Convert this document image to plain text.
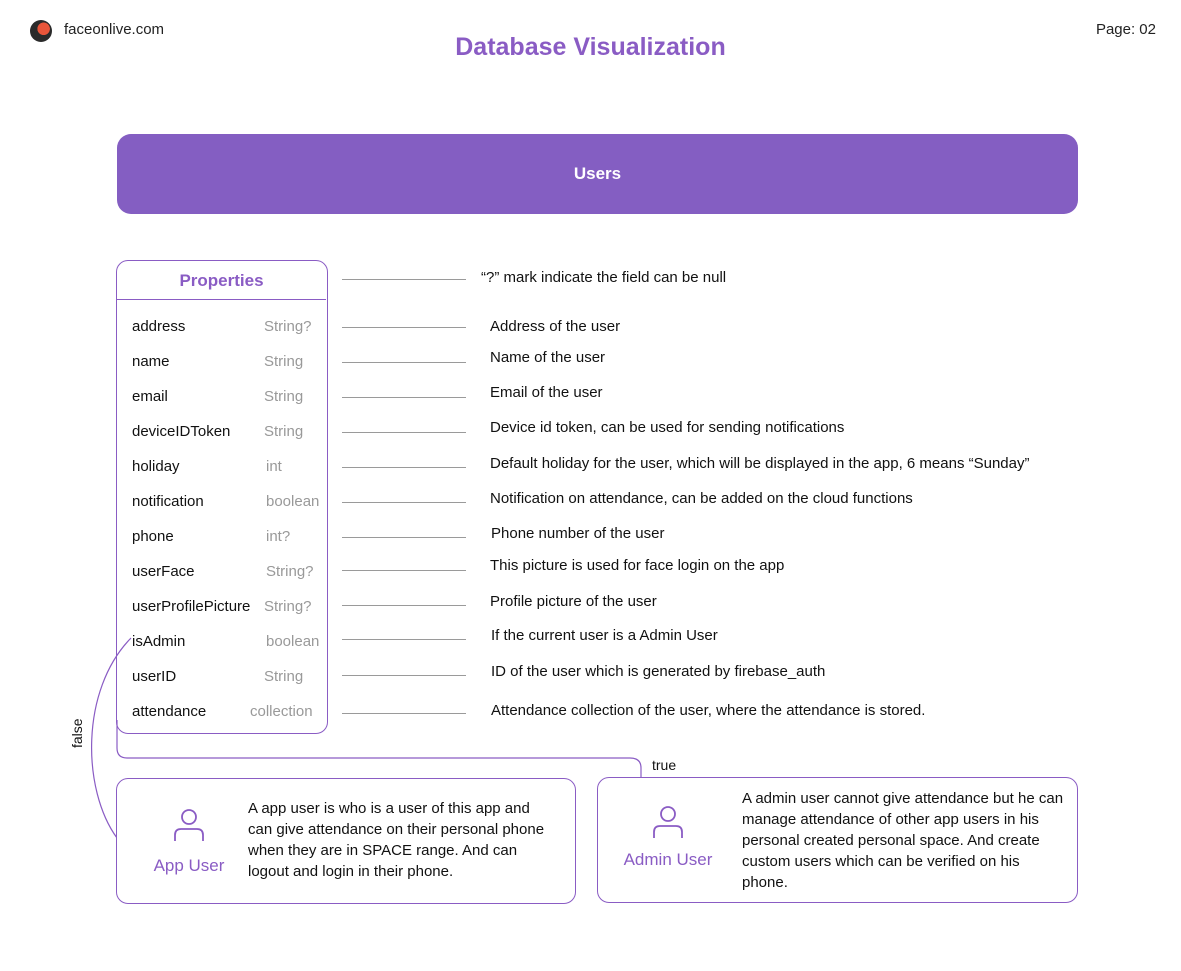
faceonlive.com	Page: 02
Database Visualization
Users
Properties	“?” mark indicate the field can be null
address	String?	Address of the user
name	String	Name of the user
email	String	Email of the user
deviceIDToken String	Device id token, can be used for sending notifications
holiday	int	Default holiday for the user, which will be displayed in the app, 6 means “Sunday”
notification	boolean	Notification on attendance, can be added on the cloud functions
phone	int?	Phone number of the user
userFace	String?	This picture is used for face login on the app
userProfilePicture String?	Profile picture of the user
isAdmin	boolean	If the current user is a Admin User
userID	String	ID of the user which is generated by firebase_auth
attendance	collection	Attendance collection of the user, where the attendance is stored.
false
true
App User
A app user is who is a user of this app and can give attendance on their personal phone when they are in SPACE range. And can logout and login in their phone.
Admin User
A admin user cannot give attendance but he can manage attendance of other app users in his personal created personal space. And create custom users which can be verified on his phone.
